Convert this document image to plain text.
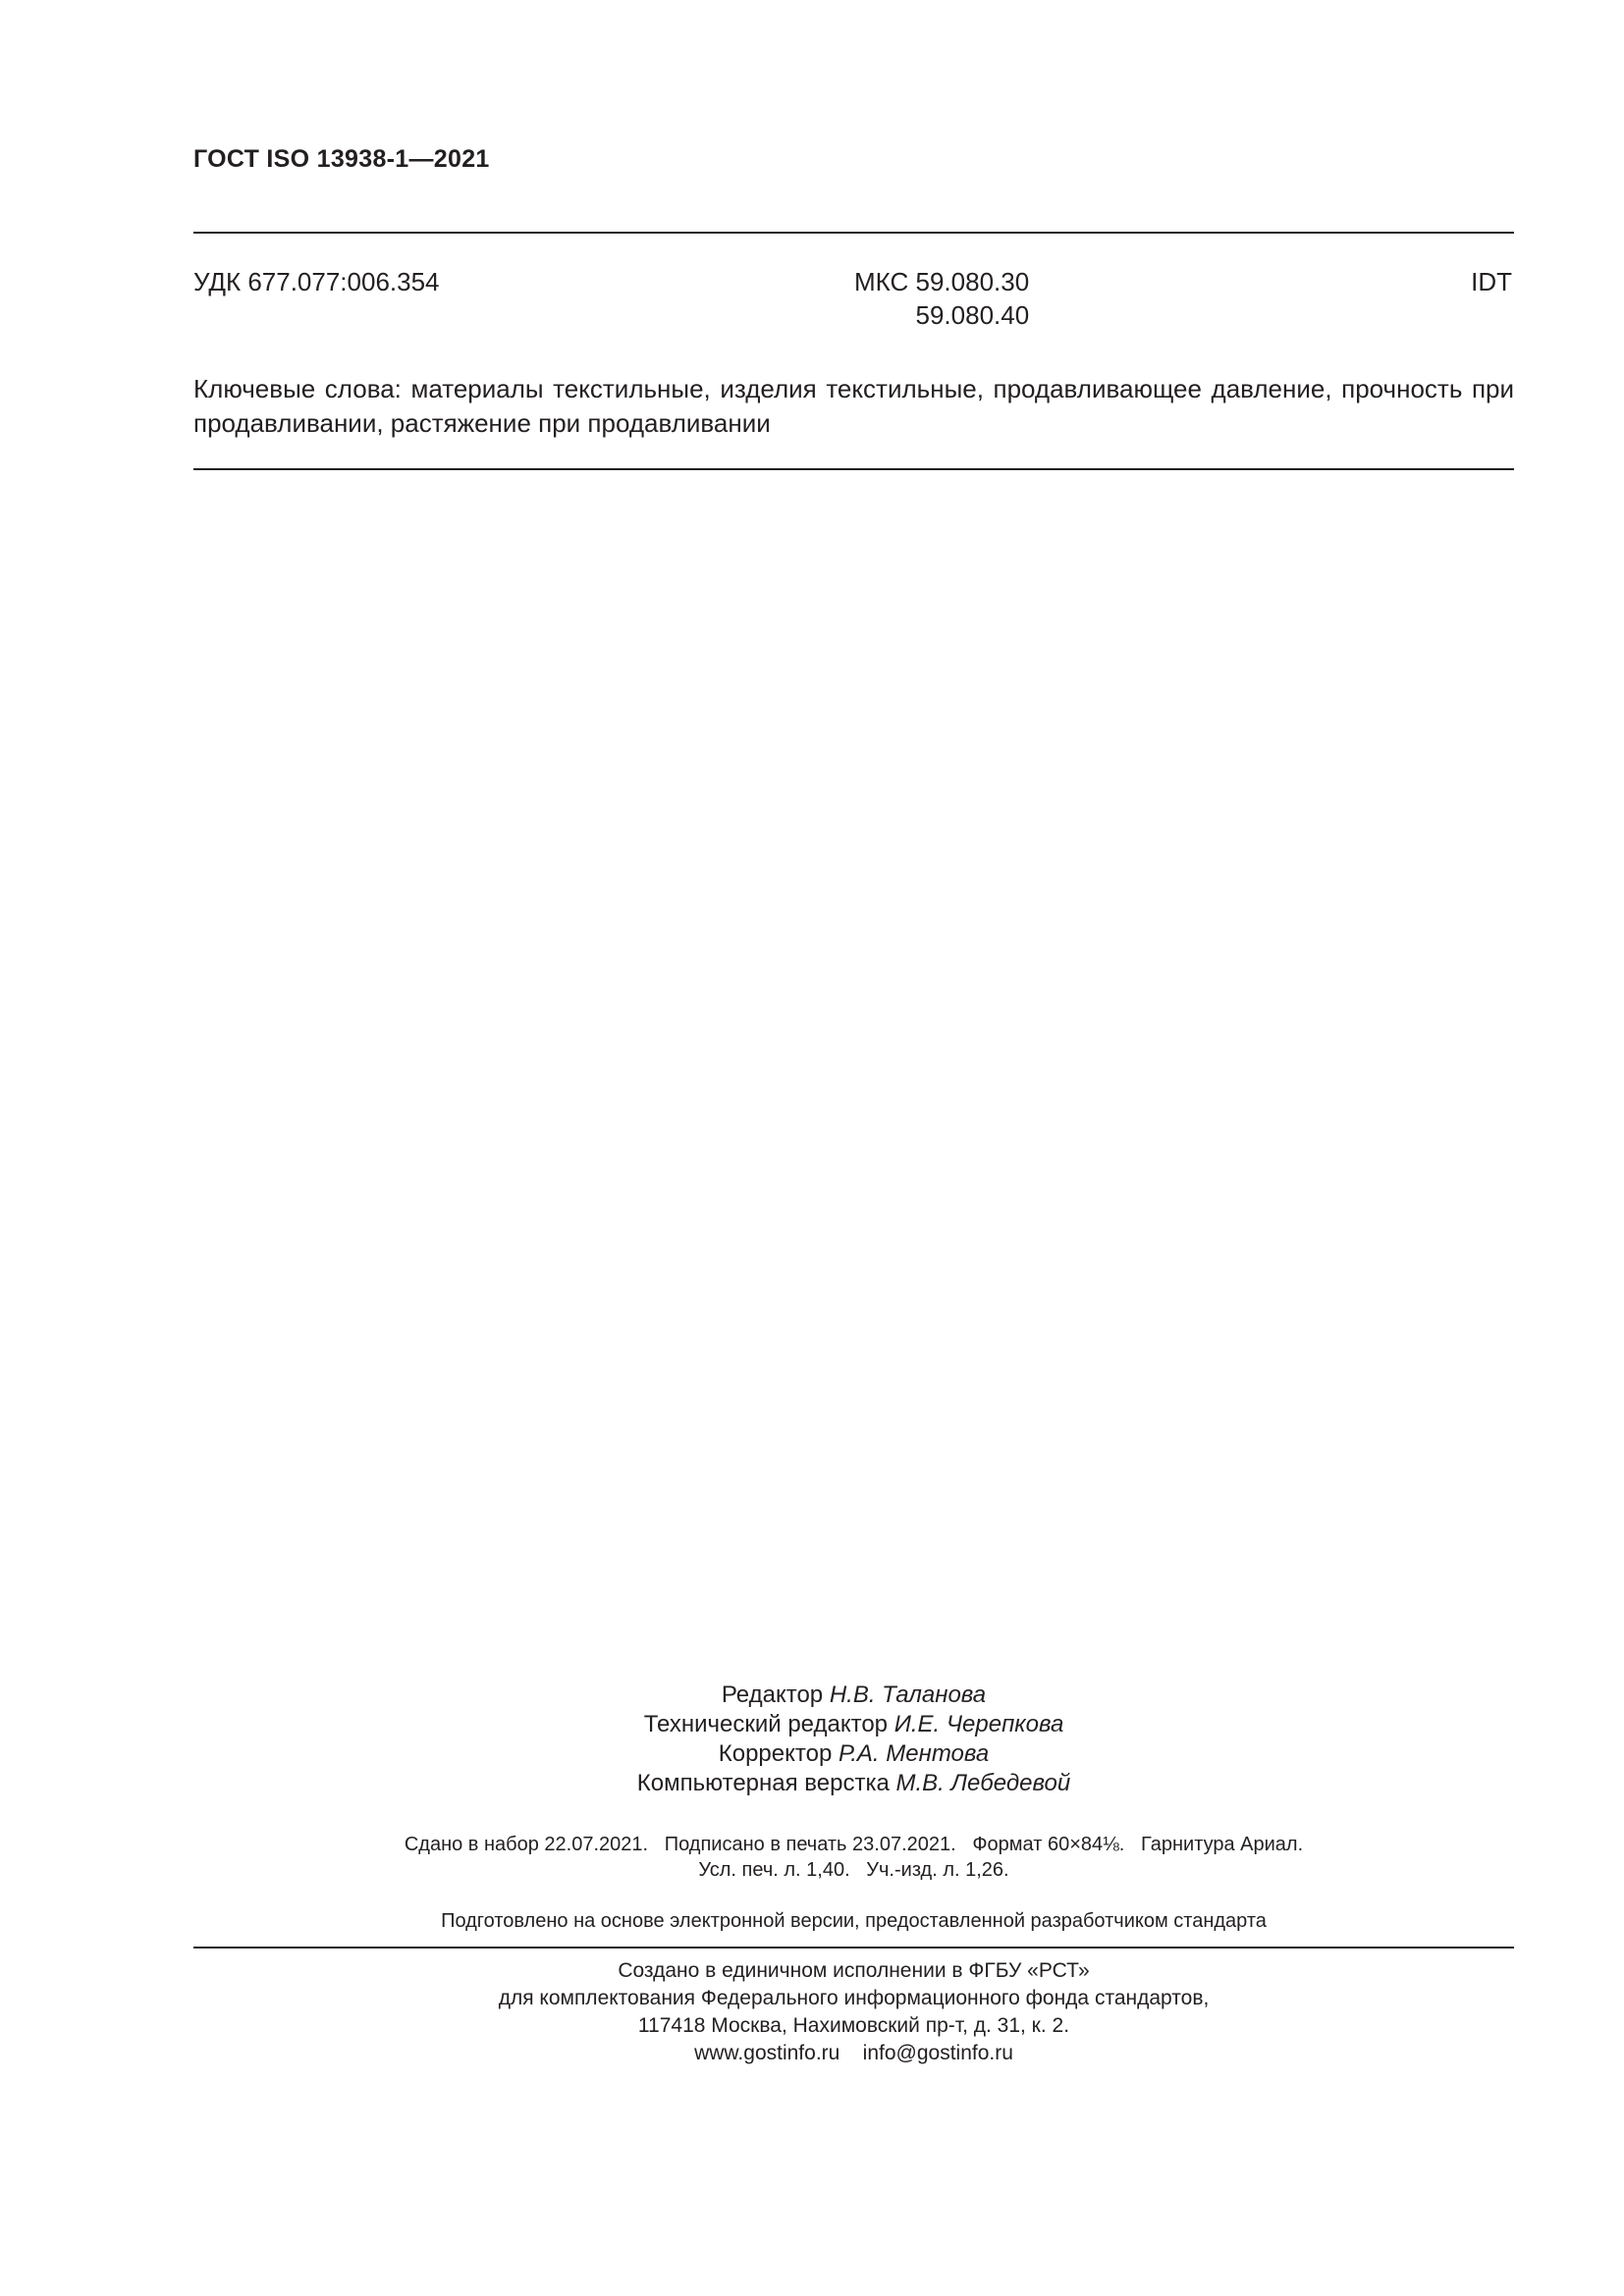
ГОСТ ISO 13938-1—2021
УДК 677.077:006.354	МКС 59.080.30
59.080.40
IDT
Ключевые слова: материалы текстильные, изделия текстильные, продавливающее давление, прочность при продавливании, растяжение при продавливании
Редактор Н.В. Таланова
Технический редактор И.Е. Черепкова
Корректор Р.А. Ментова
Компьютерная верстка М.В. Лебедевой
Сдано в набор 22.07.2021.   Подписано в печать 23.07.2021.   Формат 60×84⅛.   Гарнитура Ариал.
Усл. печ. л. 1,40.   Уч.-изд. л. 1,26.
Подготовлено на основе электронной версии, предоставленной разработчиком стандарта
Создано в единичном исполнении в ФГБУ «РСТ»
для комплектования Федерального информационного фонда стандартов,
117418 Москва, Нахимовский пр-т, д. 31, к. 2.
www.gostinfo.ru    info@gostinfo.ru
